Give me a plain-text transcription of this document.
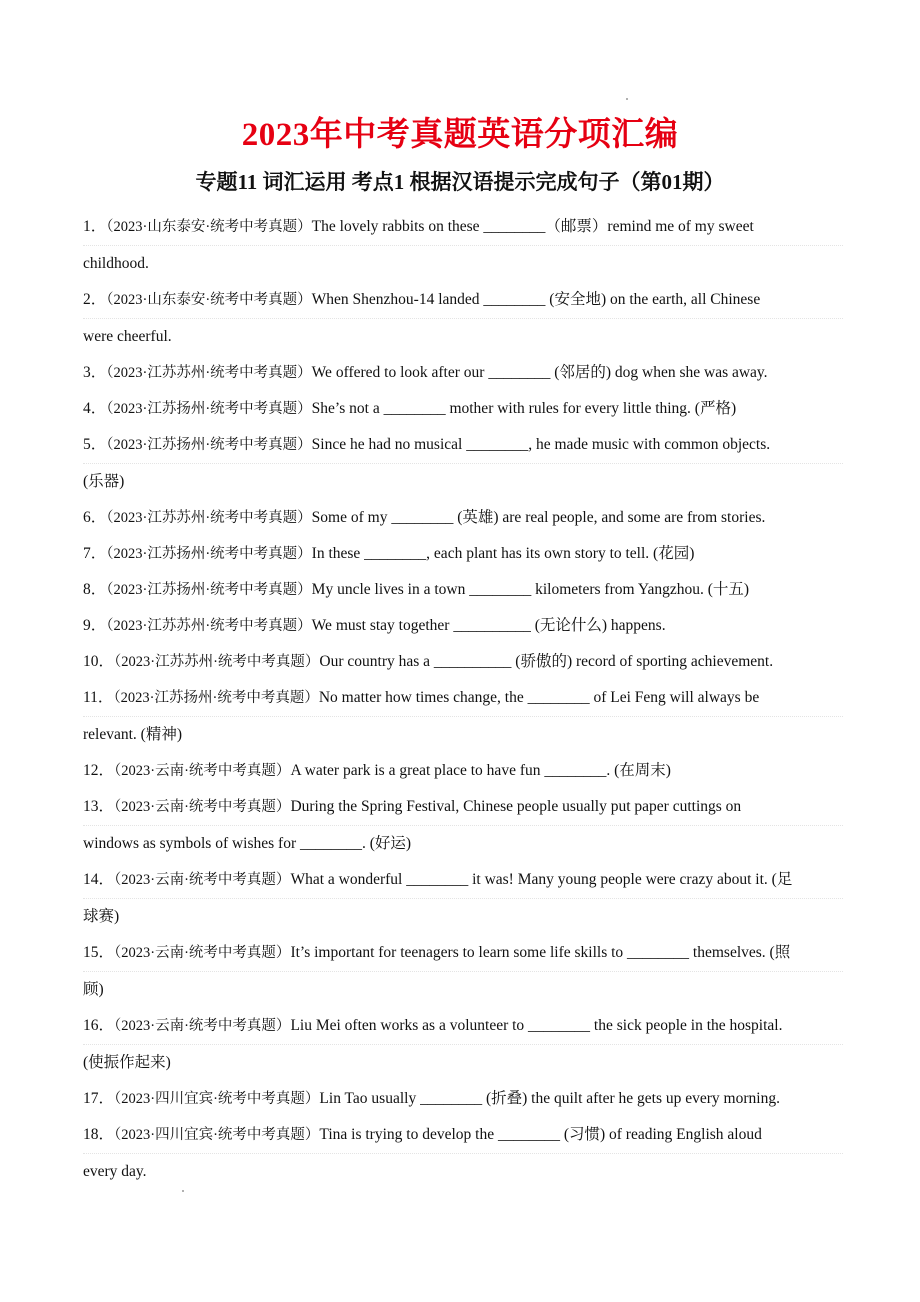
2023年中考真题英语分项汇编
专题11 词汇运用 考点1 根据汉语提示完成句子（第01期）
1．（2023·山东泰安·统考中考真题）The lovely rabbits on these ________（邮票）remind me of my sweet
childhood.
2．（2023·山东泰安·统考中考真题）When Shenzhou-14 landed ________ (安全地) on the earth, all Chinese
were cheerful.
3．（2023·江苏苏州·统考中考真题）We offered to look after our ________ (邻居的) dog when she was away.
4．（2023·江苏扬州·统考中考真题）She’s not a ________ mother with rules for every little thing. (严格)
5．（2023·江苏扬州·统考中考真题）Since he had no musical ________, he made music with common objects.
(乐器)
6．（2023·江苏苏州·统考中考真题）Some of my ________ (英雄) are real people, and some are from stories.
7．（2023·江苏扬州·统考中考真题）In these ________, each plant has its own story to tell. (花园)
8．（2023·江苏扬州·统考中考真题）My uncle lives in a town ________ kilometers from Yangzhou. (十五)
9．（2023·江苏苏州·统考中考真题）We must stay together __________ (无论什么) happens.
10．（2023·江苏苏州·统考中考真题）Our country has a __________ (骄傲的) record of sporting achievement.
11．（2023·江苏扬州·统考中考真题）No matter how times change, the ________ of Lei Feng will always be
relevant. (精神)
12．（2023·云南·统考中考真题）A water park is a great place to have fun ________. (在周末)
13．（2023·云南·统考中考真题）During the Spring Festival, Chinese people usually put paper cuttings on
windows as symbols of wishes for ________. (好运)
14．（2023·云南·统考中考真题）What a wonderful ________ it was! Many young people were crazy about it. (足
球赛)
15．（2023·云南·统考中考真题）It’s important for teenagers to learn some life skills to ________ themselves. (照
顾)
16．（2023·云南·统考中考真题）Liu Mei often works as a volunteer to ________ the sick people in the hospital.
(使振作起来)
17．（2023·四川宜宾·统考中考真题）Lin Tao usually ________ (折叠) the quilt after he gets up every morning.
18．（2023·四川宜宾·统考中考真题）Tina is trying to develop the ________ (习惯) of reading English aloud
every day.
